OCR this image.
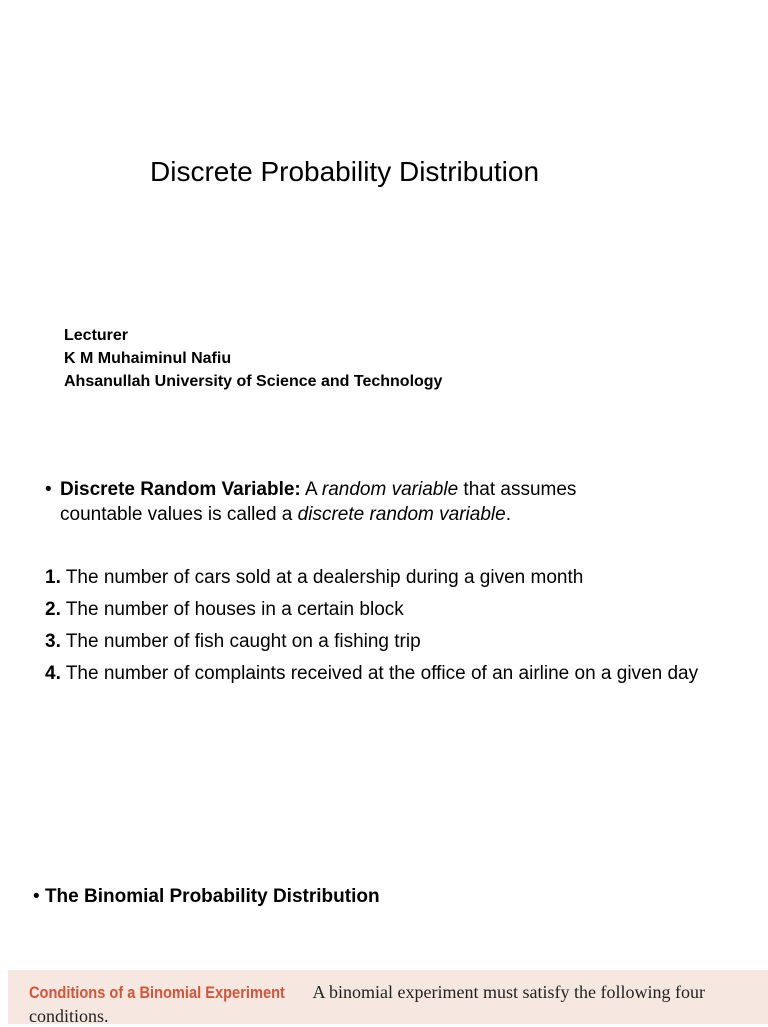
Discrete Probability Distribution
Lecturer
K M Muhaiminul Nafiu
Ahsanullah University of Science and Technology
• Discrete Random Variable: A random variable that assumes
countable values is called a discrete random variable.
1. The number of cars sold at a dealership during a given month
2. The number of houses in a certain block
3. The number of fish caught on a fishing trip
4. The number of complaints received at the office of an airline on a given day
• The Binomial Probability Distribution
Conditions of a Binomial Experiment A binomial experiment must satisfy the following four
conditions.
